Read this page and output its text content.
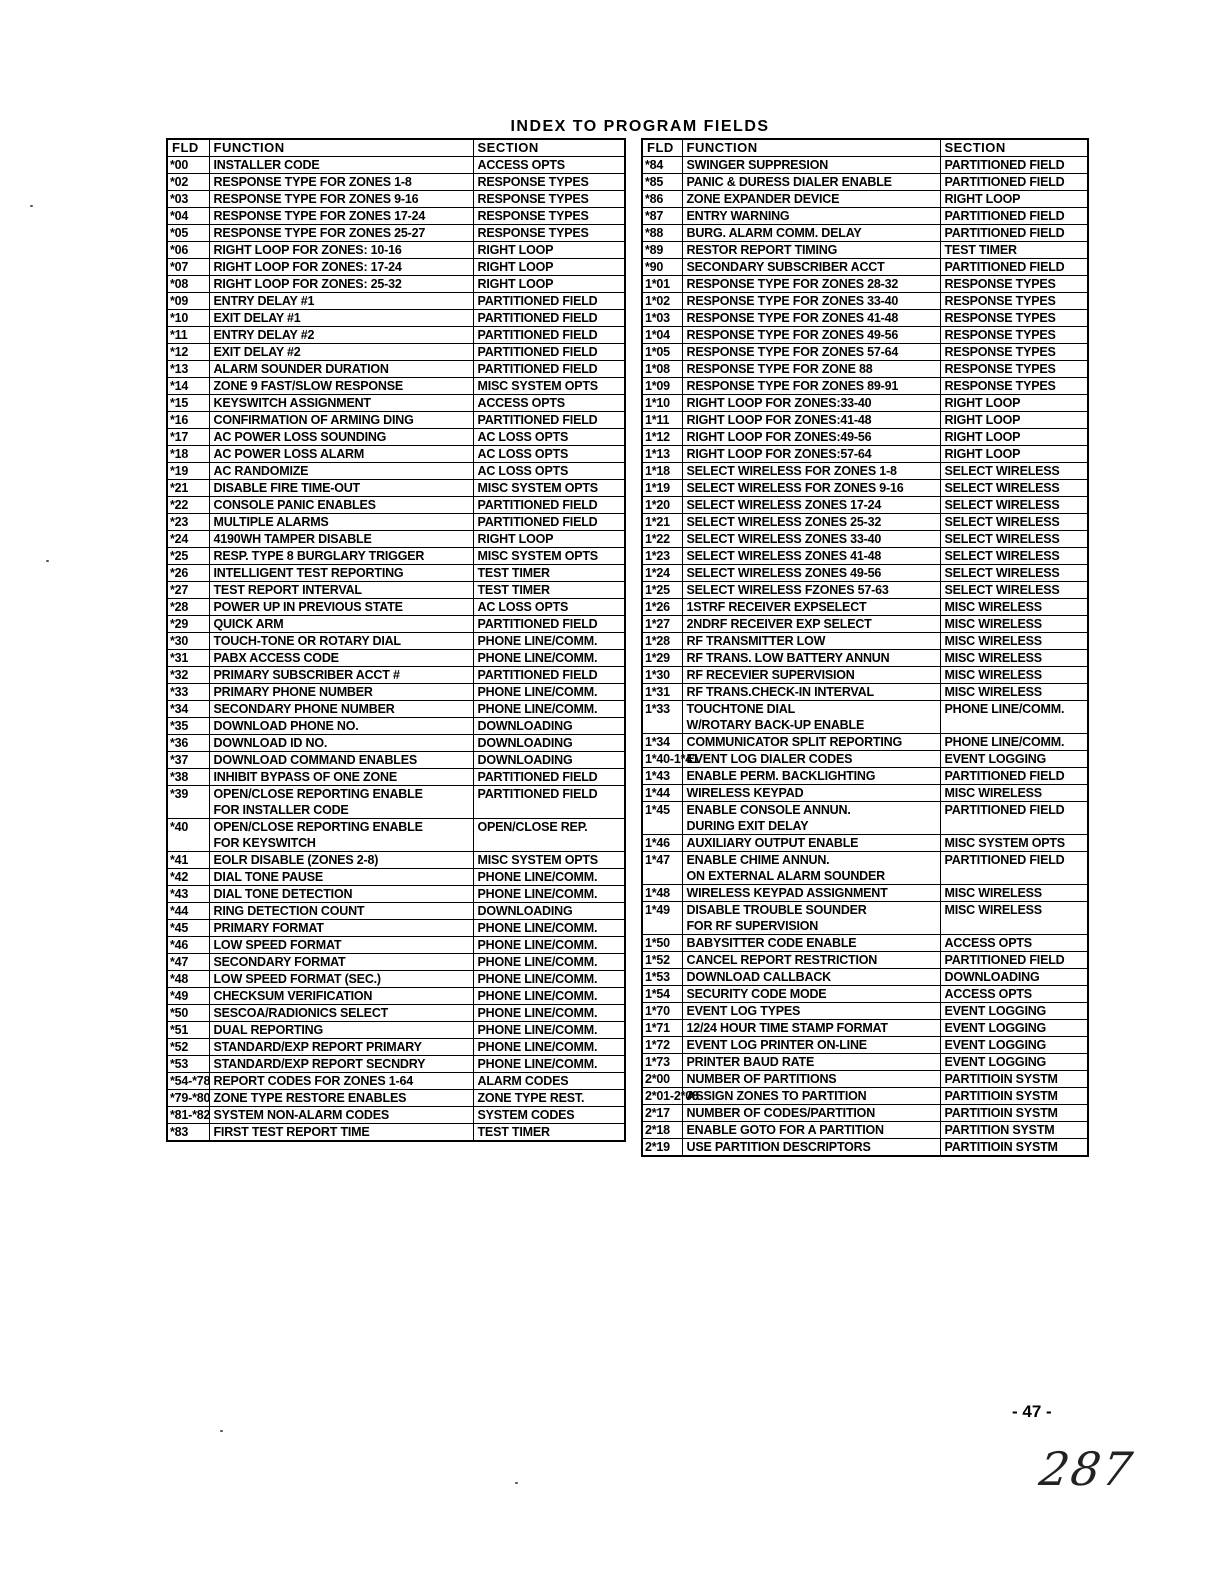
INDEX TO PROGRAM FIELDS
FLD	FUNCTION	SECTION
*00	INSTALLER CODE	ACCESS OPTS
*02	RESPONSE TYPE FOR ZONES 1-8	RESPONSE TYPES
*03	RESPONSE TYPE FOR ZONES 9-16	RESPONSE TYPES
*04	RESPONSE TYPE FOR ZONES 17-24	RESPONSE TYPES
*05	RESPONSE TYPE FOR ZONES 25-27	RESPONSE TYPES
*06	RIGHT LOOP FOR ZONES: 10-16	RIGHT LOOP
*07	RIGHT LOOP FOR ZONES: 17-24	RIGHT LOOP
*08	RIGHT LOOP FOR ZONES: 25-32	RIGHT LOOP
*09	ENTRY DELAY #1	PARTITIONED FIELD
*10	EXIT DELAY #1	PARTITIONED FIELD
*11	ENTRY DELAY #2	PARTITIONED FIELD
*12	EXIT DELAY #2	PARTITIONED FIELD
*13	ALARM SOUNDER DURATION	PARTITIONED FIELD
*14	ZONE 9 FAST/SLOW RESPONSE	MISC SYSTEM OPTS
*15	KEYSWITCH ASSIGNMENT	ACCESS OPTS
*16	CONFIRMATION OF ARMING DING	PARTITIONED FIELD
*17	AC POWER LOSS SOUNDING	AC LOSS OPTS
*18	AC POWER LOSS ALARM	AC LOSS OPTS
*19	AC RANDOMIZE	AC LOSS OPTS
*21	DISABLE FIRE TIME-OUT	MISC SYSTEM OPTS
*22	CONSOLE PANIC ENABLES	PARTITIONED FIELD
*23	MULTIPLE ALARMS	PARTITIONED FIELD
*24	4190WH TAMPER DISABLE	RIGHT LOOP
*25	RESP. TYPE 8 BURGLARY TRIGGER	MISC SYSTEM OPTS
*26	INTELLIGENT TEST REPORTING	TEST TIMER
*27	TEST REPORT INTERVAL	TEST TIMER
*28	POWER UP IN PREVIOUS STATE	AC LOSS OPTS
*29	QUICK ARM	PARTITIONED FIELD
*30	TOUCH-TONE OR ROTARY DIAL	PHONE LINE/COMM.
*31	PABX ACCESS CODE	PHONE LINE/COMM.
*32	PRIMARY SUBSCRIBER ACCT #	PARTITIONED FIELD
*33	PRIMARY PHONE NUMBER	PHONE LINE/COMM.
*34	SECONDARY PHONE NUMBER	PHONE LINE/COMM.
*35	DOWNLOAD PHONE NO.	DOWNLOADING
*36	DOWNLOAD ID NO.	DOWNLOADING
*37	DOWNLOAD COMMAND ENABLES	DOWNLOADING
*38	INHIBIT BYPASS OF ONE ZONE	PARTITIONED FIELD
*39	OPEN/CLOSE REPORTING ENABLE
FOR INSTALLER CODE	PARTITIONED FIELD
*40	OPEN/CLOSE REPORTING ENABLE
FOR KEYSWITCH	OPEN/CLOSE REP.
*41	EOLR DISABLE (ZONES 2-8)	MISC SYSTEM OPTS
*42	DIAL TONE PAUSE	PHONE LINE/COMM.
*43	DIAL TONE DETECTION	PHONE LINE/COMM.
*44	RING DETECTION COUNT	DOWNLOADING
*45	PRIMARY FORMAT	PHONE LINE/COMM.
*46	LOW SPEED FORMAT	PHONE LINE/COMM.
*47	SECONDARY FORMAT	PHONE LINE/COMM.
*48	LOW SPEED FORMAT (SEC.)	PHONE LINE/COMM.
*49	CHECKSUM VERIFICATION	PHONE LINE/COMM.
*50	SESCOA/RADIONICS SELECT	PHONE LINE/COMM.
*51	DUAL REPORTING	PHONE LINE/COMM.
*52	STANDARD/EXP REPORT PRIMARY	PHONE LINE/COMM.
*53	STANDARD/EXP REPORT SECNDRY	PHONE LINE/COMM.
*54-*78	REPORT CODES FOR ZONES 1-64	ALARM CODES
*79-*80	ZONE TYPE RESTORE ENABLES	ZONE TYPE REST.
*81-*82	SYSTEM NON-ALARM CODES	SYSTEM CODES
*83	FIRST TEST REPORT TIME	TEST TIMER
FLD	FUNCTION	SECTION
*84	SWINGER SUPPRESION	PARTITIONED FIELD
*85	PANIC & DURESS DIALER ENABLE	PARTITIONED FIELD
*86	ZONE EXPANDER DEVICE	RIGHT LOOP
*87	ENTRY WARNING	PARTITIONED FIELD
*88	BURG. ALARM COMM. DELAY	PARTITIONED FIELD
*89	RESTOR REPORT TIMING	TEST TIMER
*90	SECONDARY SUBSCRIBER ACCT	PARTITIONED FIELD
1*01	RESPONSE TYPE FOR ZONES 28-32	RESPONSE TYPES
1*02	RESPONSE TYPE FOR ZONES 33-40	RESPONSE TYPES
1*03	RESPONSE TYPE FOR ZONES 41-48	RESPONSE TYPES
1*04	RESPONSE TYPE FOR ZONES 49-56	RESPONSE TYPES
1*05	RESPONSE TYPE FOR ZONES 57-64	RESPONSE TYPES
1*08	RESPONSE TYPE FOR ZONE 88	RESPONSE TYPES
1*09	RESPONSE TYPE FOR ZONES 89-91	RESPONSE TYPES
1*10	RIGHT LOOP FOR ZONES:33-40	RIGHT LOOP
1*11	RIGHT LOOP FOR ZONES:41-48	RIGHT LOOP
1*12	RIGHT LOOP FOR ZONES:49-56	RIGHT LOOP
1*13	RIGHT LOOP FOR ZONES:57-64	RIGHT LOOP
1*18	SELECT WIRELESS FOR ZONES 1-8	SELECT WIRELESS
1*19	SELECT WIRELESS FOR ZONES 9-16	SELECT WIRELESS
1*20	SELECT WIRELESS ZONES 17-24	SELECT WIRELESS
1*21	SELECT WIRELESS ZONES 25-32	SELECT WIRELESS
1*22	SELECT WIRELESS ZONES 33-40	SELECT WIRELESS
1*23	SELECT WIRELESS ZONES 41-48	SELECT WIRELESS
1*24	SELECT WIRELESS ZONES 49-56	SELECT WIRELESS
1*25	SELECT WIRELESS FZONES 57-63	SELECT WIRELESS
1*26	1STRF RECEIVER EXPSELECT	MISC WIRELESS
1*27	2NDRF RECEIVER EXP SELECT	MISC WIRELESS
1*28	RF TRANSMITTER LOW	MISC WIRELESS
1*29	RF TRANS. LOW BATTERY ANNUN	MISC WIRELESS
1*30	RF RECEVIER SUPERVISION	MISC WIRELESS
1*31	RF TRANS.CHECK-IN INTERVAL	MISC WIRELESS
1*33	TOUCHTONE DIAL
W/ROTARY BACK-UP ENABLE	PHONE LINE/COMM.
1*34	COMMUNICATOR SPLIT REPORTING	PHONE LINE/COMM.
1*40-1*41	EVENT LOG DIALER CODES	EVENT LOGGING
1*43	ENABLE PERM. BACKLIGHTING	PARTITIONED FIELD
1*44	WIRELESS KEYPAD	MISC WIRELESS
1*45	ENABLE CONSOLE ANNUN.
DURING EXIT DELAY	PARTITIONED FIELD
1*46	AUXILIARY OUTPUT ENABLE	MISC SYSTEM OPTS
1*47	ENABLE CHIME ANNUN.
ON EXTERNAL ALARM SOUNDER	PARTITIONED FIELD
1*48	WIRELESS KEYPAD ASSIGNMENT	MISC WIRELESS
1*49	DISABLE TROUBLE SOUNDER
FOR RF SUPERVISION	MISC WIRELESS
1*50	BABYSITTER CODE ENABLE	ACCESS OPTS
1*52	CANCEL REPORT RESTRICTION	PARTITIONED FIELD
1*53	DOWNLOAD CALLBACK	DOWNLOADING
1*54	SECURITY CODE MODE	ACCESS OPTS
1*70	EVENT LOG TYPES	EVENT LOGGING
1*71	12/24 HOUR TIME STAMP FORMAT	EVENT LOGGING
1*72	EVENT LOG PRINTER ON-LINE	EVENT LOGGING
1*73	PRINTER BAUD RATE	EVENT LOGGING
2*00	NUMBER OF PARTITIONS	PARTITIOIN SYSTM
2*01-2*08	ASSIGN ZONES TO PARTITION	PARTITIOIN SYSTM
2*17	NUMBER OF CODES/PARTITION	PARTITIOIN SYSTM
2*18	ENABLE GOTO FOR A PARTITION	PARTITION SYSTM
2*19	USE PARTITION DESCRIPTORS	PARTITIOIN SYSTM
- 47 -
287
